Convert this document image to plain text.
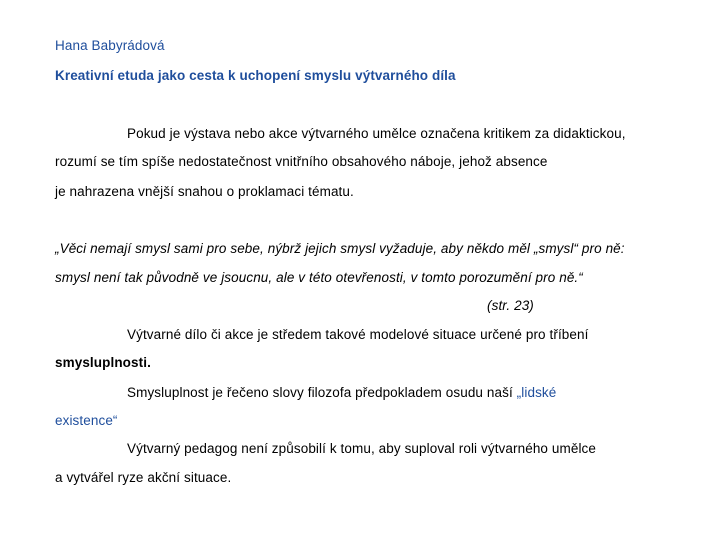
Hana Babyrádová
Kreativní etuda jako cesta k uchopení smyslu výtvarného díla
Pokud je výstava nebo akce výtvarného umělce označena kritikem za didaktickou,
rozumí se tím spíše nedostatečnost vnitřního obsahového náboje, jehož absence
je nahrazena vnější snahou o proklamaci tématu.
„Věci nemají smysl sami pro sebe, nýbrž jejich smysl vyžaduje, aby někdo měl „smysl“ pro ně:
smysl není tak původně ve jsoucnu, ale v této otevřenosti, v tomto porozumění pro ně.“
(str. 23)
Výtvarné dílo či akce je středem takové modelové situace určené pro tříbení
smysluplnosti.
Smysluplnost je řečeno slovy filozofa předpokladem osudu naší „lidské
existence“
Výtvarný pedagog není způsobilí k tomu, aby suploval roli výtvarného umělce
a vytvářel ryze akční situace.
